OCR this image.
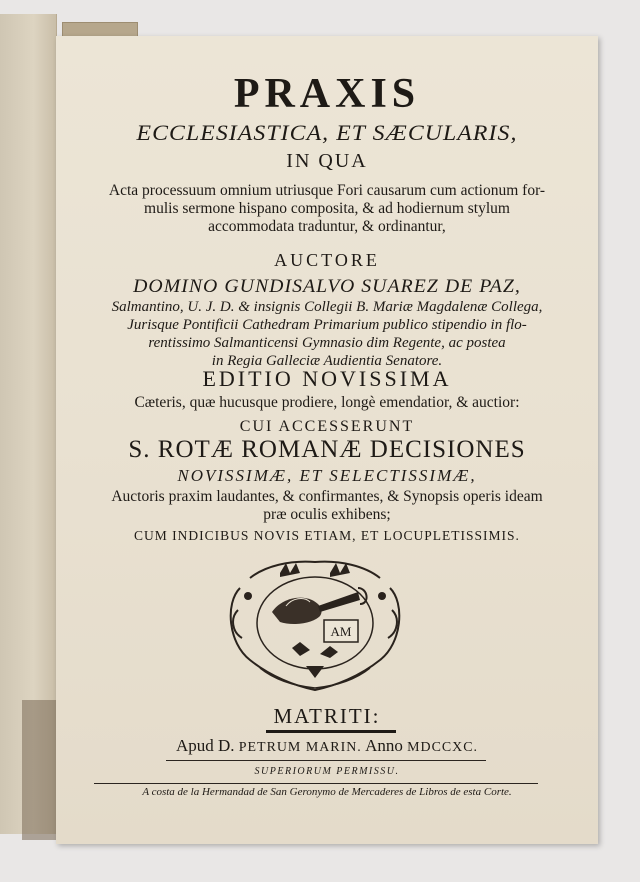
PRAXIS
ECCLESIASTICA, ET SÆCULARIS,
IN QUA
Acta processuum omnium utriusque Fori causarum cum actionum for-
mulis sermone hispano composita, & ad hodiernum stylum
accommodata traduntur, & ordinantur,
AUCTORE
DOMINO GUNDISALVO SUAREZ DE PAZ,
Salmantino, U. J. D. & insignis Collegii B. Mariæ Magdalenæ Collega,
Jurisque Pontificii Cathedram Primarium publico stipendio in flo-
rentissimo Salmanticensi Gymnasio dim Regente, ac postea
in Regia Galleciæ Audientia Senatore.
EDITIO NOVISSIMA
Cæteris, quæ hucusque prodiere, longè emendatior, & auctior:
CUI ACCESSERUNT
S. ROTÆ ROMANÆ DECISIONES
NOVISSIMÆ, ET SELECTISSIMÆ,
Auctoris praxim laudantes, & confirmantes, & Synopsis operis ideam
præ oculis exhibens;
CUM INDICIBUS NOVIS ETIAM, ET LOCUPLETISSIMIS.
AM
MATRITI:
Apud D. PETRUM MARIN. Anno MDCCXC.
SUPERIORUM PERMISSU.
A costa de la Hermandad de San Geronymo de Mercaderes de Libros de esta Corte.
